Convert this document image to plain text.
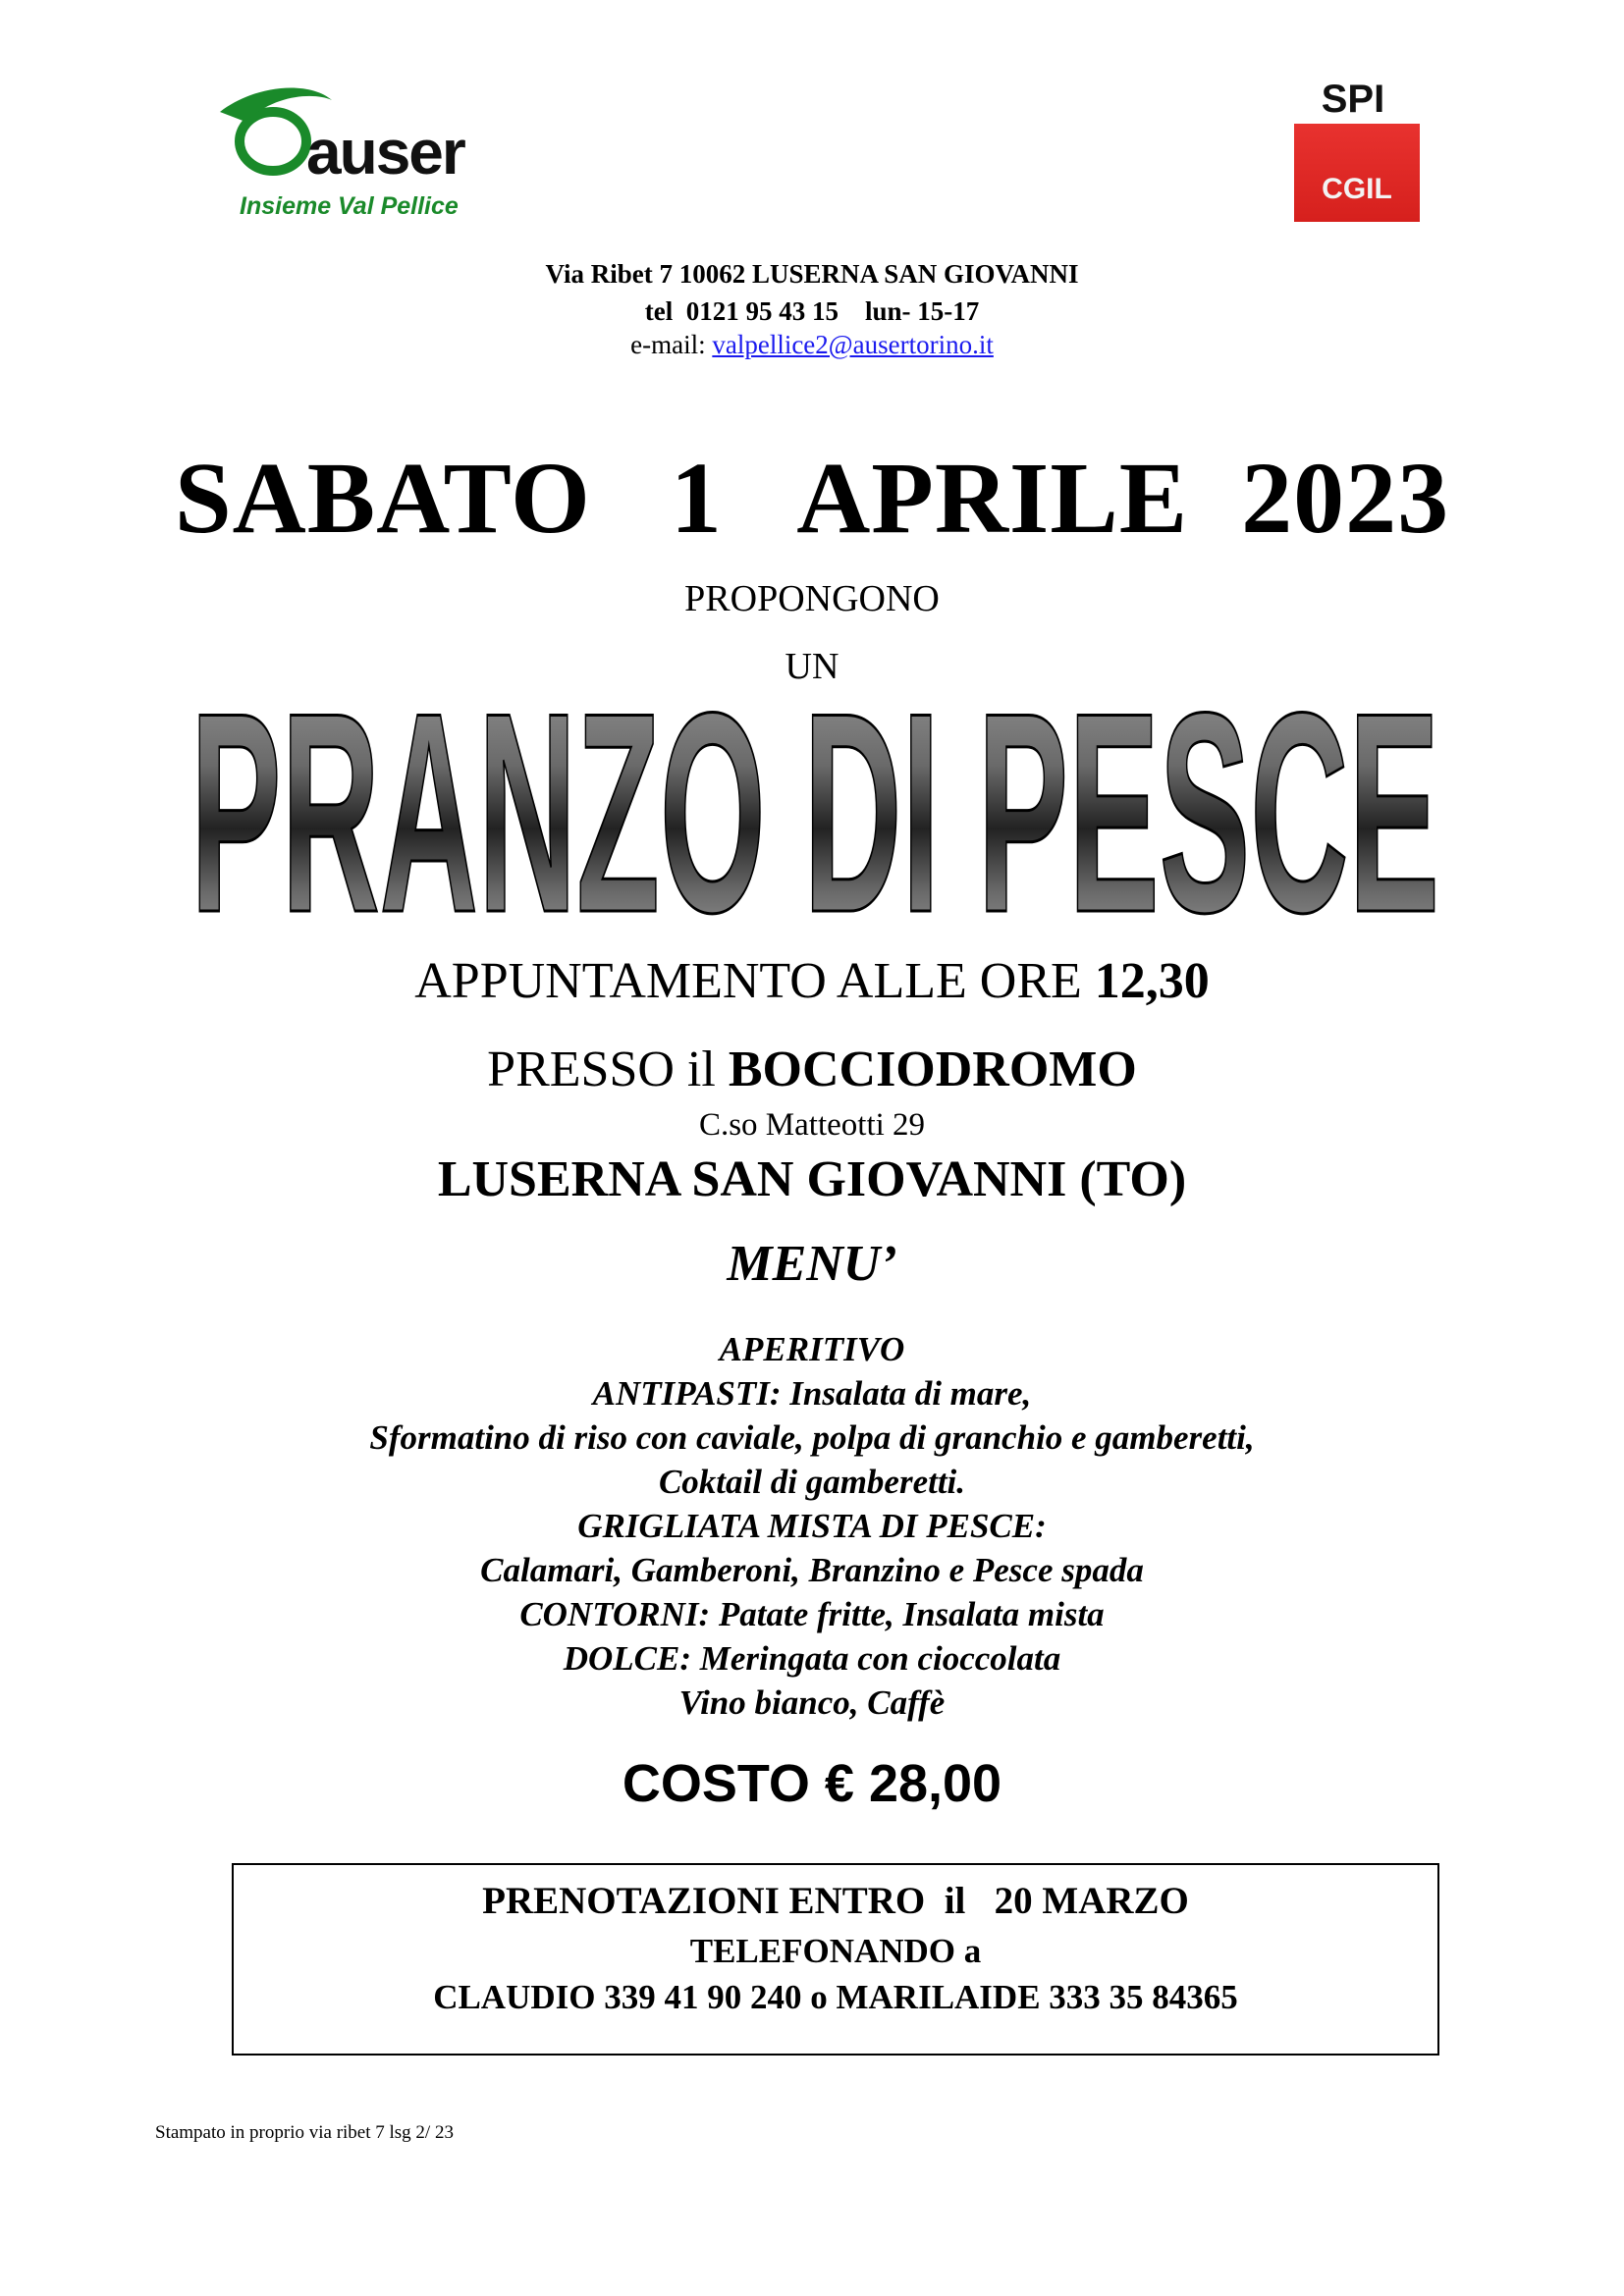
auser
Insieme Val Pellice
SPI
CGIL
Via Ribet 7 10062 LUSERNA SAN GIOVANNI
tel  0121 95 43 15    lun- 15-17
e-mail: valpellice2@ausertorino.it
SABATO   1   APRILE  2023
PROPONGONO
UN
PRANZO DI PESCE
APPUNTAMENTO ALLE ORE 12,30
PRESSO il BOCCIODROMO
C.so Matteotti 29
LUSERNA SAN GIOVANNI (TO)
MENU’
APERITIVO
ANTIPASTI: Insalata di mare,
Sformatino di riso con caviale, polpa di granchio e gamberetti,
Coktail di gamberetti.
GRIGLIATA MISTA DI PESCE:
Calamari, Gamberoni, Branzino e Pesce spada
CONTORNI: Patate fritte, Insalata mista
DOLCE: Meringata con cioccolata
Vino bianco, Caffè
COSTO € 28,00
PRENOTAZIONI ENTRO  il   20 MARZO
TELEFONANDO a
CLAUDIO 339 41 90 240 o MARILAIDE 333 35 84365
Stampato in proprio via ribet 7 lsg 2/ 23
